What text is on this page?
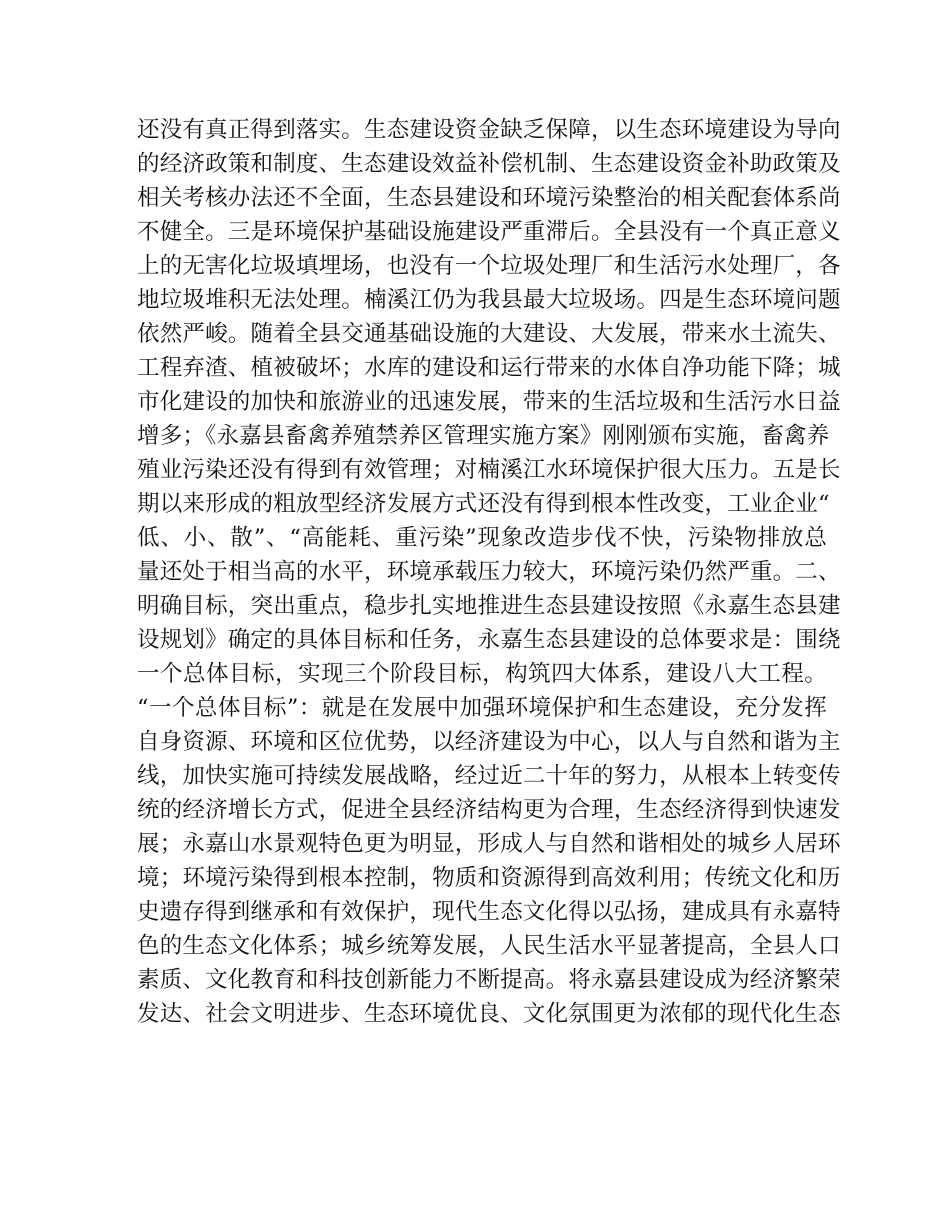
还没有真正得到落实。生态建设资金缺乏保障，以生态环境建设为导向
的经济政策和制度、生态建设效益补偿机制、生态建设资金补助政策及
相关考核办法还不全面，生态县建设和环境污染整治的相关配套体系尚
不健全。三是环境保护基础设施建设严重滞后。全县没有一个真正意义
上的无害化垃圾填埋场，也没有一个垃圾处理厂和生活污水处理厂，各
地垃圾堆积无法处理。楠溪江仍为我县最大垃圾场。四是生态环境问题
依然严峻。随着全县交通基础设施的大建设、大发展，带来水土流失、
工程弃渣、植被破坏；水库的建设和运行带来的水体自净功能下降；城
市化建设的加快和旅游业的迅速发展，带来的生活垃圾和生活污水日益
增多；《永嘉县畜禽养殖禁养区管理实施方案》刚刚颁布实施，畜禽养
殖业污染还没有得到有效管理；对楠溪江水环境保护很大压力。五是长
期以来形成的粗放型经济发展方式还没有得到根本性改变，工业企业“
低、小、散”、“高能耗、重污染”现象改造步伐不快，污染物排放总
量还处于相当高的水平，环境承载压力较大，环境污染仍然严重。二、
明确目标，突出重点，稳步扎实地推进生态县建设按照《永嘉生态县建
设规划》确定的具体目标和任务，永嘉生态县建设的总体要求是：围绕
一个总体目标，实现三个阶段目标，构筑四大体系，建设八大工程。
“一个总体目标”：就是在发展中加强环境保护和生态建设，充分发挥
自身资源、环境和区位优势，以经济建设为中心，以人与自然和谐为主
线，加快实施可持续发展战略，经过近二十年的努力，从根本上转变传
统的经济增长方式，促进全县经济结构更为合理，生态经济得到快速发
展；永嘉山水景观特色更为明显，形成人与自然和谐相处的城乡人居环
境；环境污染得到根本控制，物质和资源得到高效利用；传统文化和历
史遗存得到继承和有效保护，现代生态文化得以弘扬，建成具有永嘉特
色的生态文化体系；城乡统筹发展，人民生活水平显著提高，全县人口
素质、文化教育和科技创新能力不断提高。将永嘉县建设成为经济繁荣
发达、社会文明进步、生态环境优良、文化氛围更为浓郁的现代化生态
